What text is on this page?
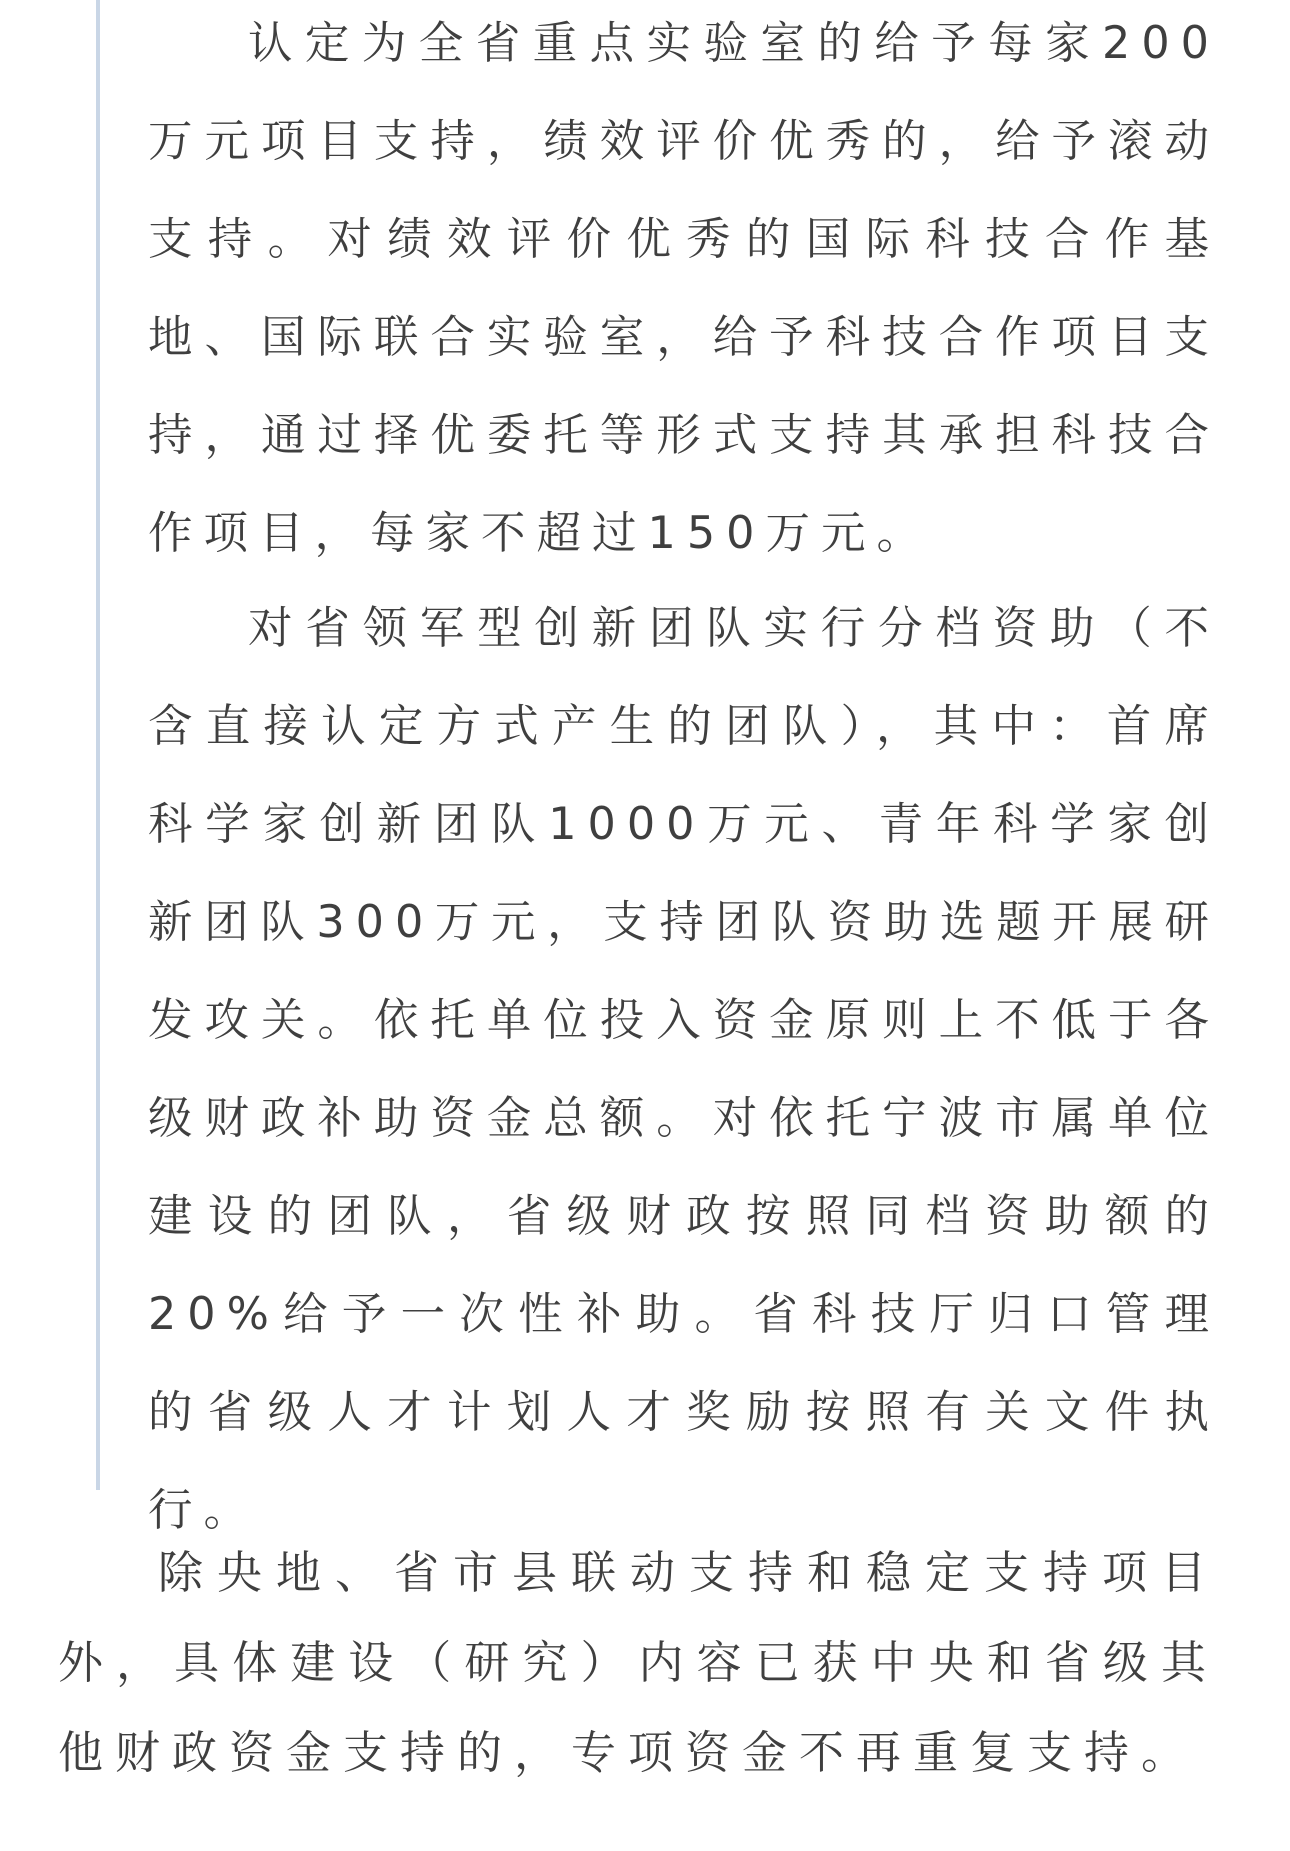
认定为全省重点实验室的给予每家200万元项目支持，绩效评价优秀的，给予滚动支持。对绩效评价优秀的国际科技合作基地、国际联合实验室，给予科技合作项目支持，通过择优委托等形式支持其承担科技合作项目，每家不超过150万元。

对省领军型创新团队实行分档资助（不含直接认定方式产生的团队），其中：首席科学家创新团队1000万元、青年科学家创新团队300万元，支持团队资助选题开展研发攻关。依托单位投入资金原则上不低于各级财政补助资金总额。对依托宁波市属单位建设的团队，省级财政按照同档资助额的20%给予一次性补助。省科技厅归口管理的省级人才计划人才奖励按照有关文件执行。

除央地、省市县联动支持和稳定支持项目外，具体建设（研究）内容已获中央和省级其他财政资金支持的，专项资金不再重复支持。
